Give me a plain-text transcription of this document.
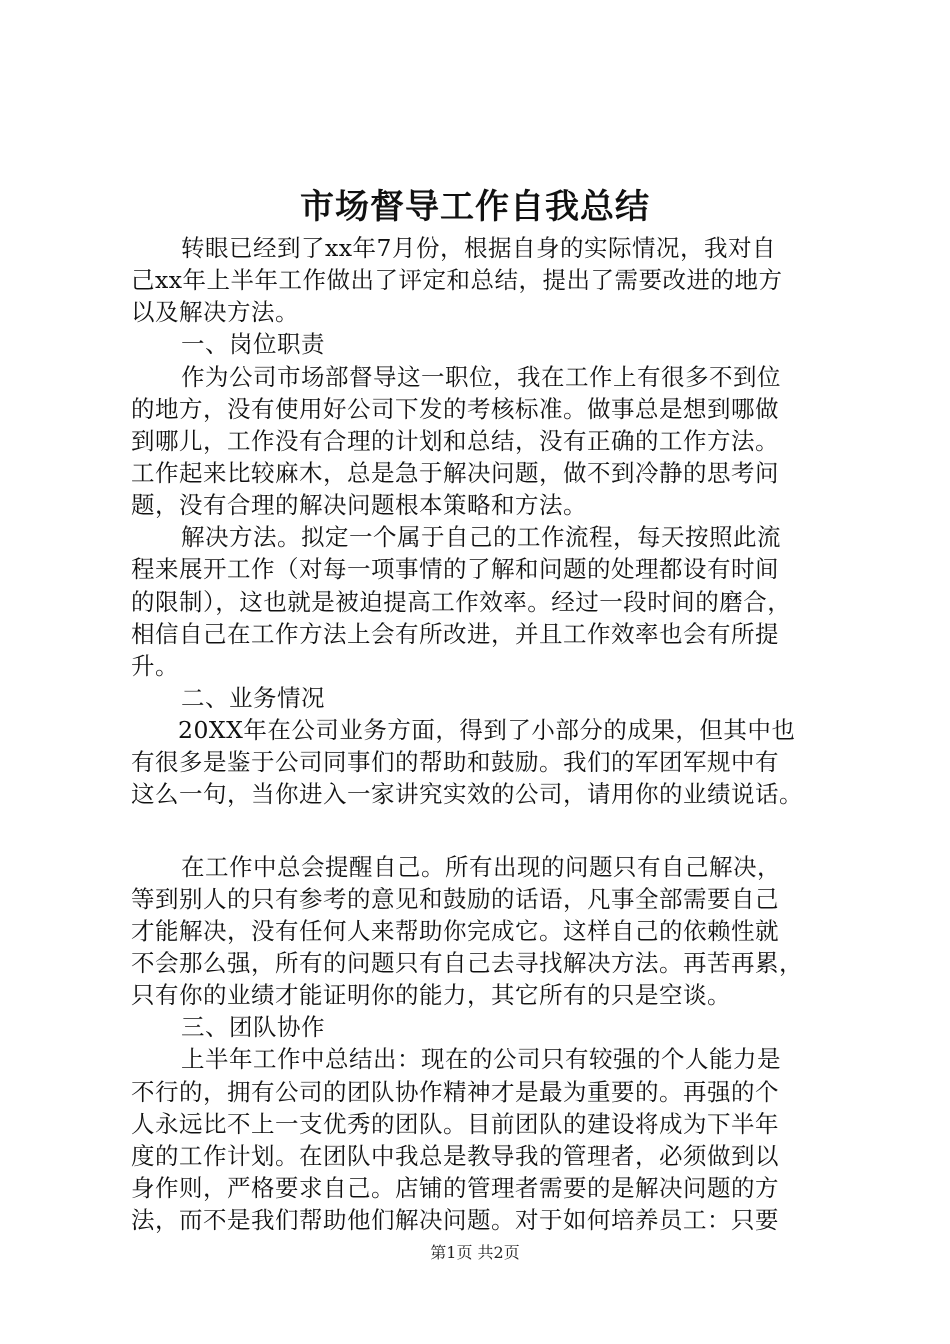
市场督导工作自我总结
转眼已经到了xx年7月份，根据自身的实际情况，我对自
己xx年上半年工作做出了评定和总结，提出了需要改进的地方
以及解决方法。
一、岗位职责
作为公司市场部督导这一职位，我在工作上有很多不到位
的地方，没有使用好公司下发的考核标准。做事总是想到哪做
到哪儿，工作没有合理的计划和总结，没有正确的工作方法。
工作起来比较麻木，总是急于解决问题，做不到冷静的思考问
题，没有合理的解决问题根本策略和方法。
解决方法。拟定一个属于自己的工作流程，每天按照此流
程来展开工作（对每一项事情的了解和问题的处理都设有时间
的限制），这也就是被迫提高工作效率。经过一段时间的磨合，
相信自己在工作方法上会有所改进，并且工作效率也会有所提
升。
二、业务情况
20XX年在公司业务方面，得到了小部分的成果，但其中也
有很多是鉴于公司同事们的帮助和鼓励。我们的军团军规中有
这么一句，当你进入一家讲究实效的公司，请用你的业绩说话。
在工作中总会提醒自己。所有出现的问题只有自己解决，
等到别人的只有参考的意见和鼓励的话语，凡事全部需要自己
才能解决，没有任何人来帮助你完成它。这样自己的依赖性就
不会那么强，所有的问题只有自己去寻找解决方法。再苦再累，
只有你的业绩才能证明你的能力，其它所有的只是空谈。
三、团队协作
上半年工作中总结出：现在的公司只有较强的个人能力是
不行的，拥有公司的团队协作精神才是最为重要的。再强的个
人永远比不上一支优秀的团队。目前团队的建设将成为下半年
度的工作计划。在团队中我总是教导我的管理者，必须做到以
身作则，严格要求自己。店铺的管理者需要的是解决问题的方
法，而不是我们帮助他们解决问题。对于如何培养员工：只要
第1页 共2页
